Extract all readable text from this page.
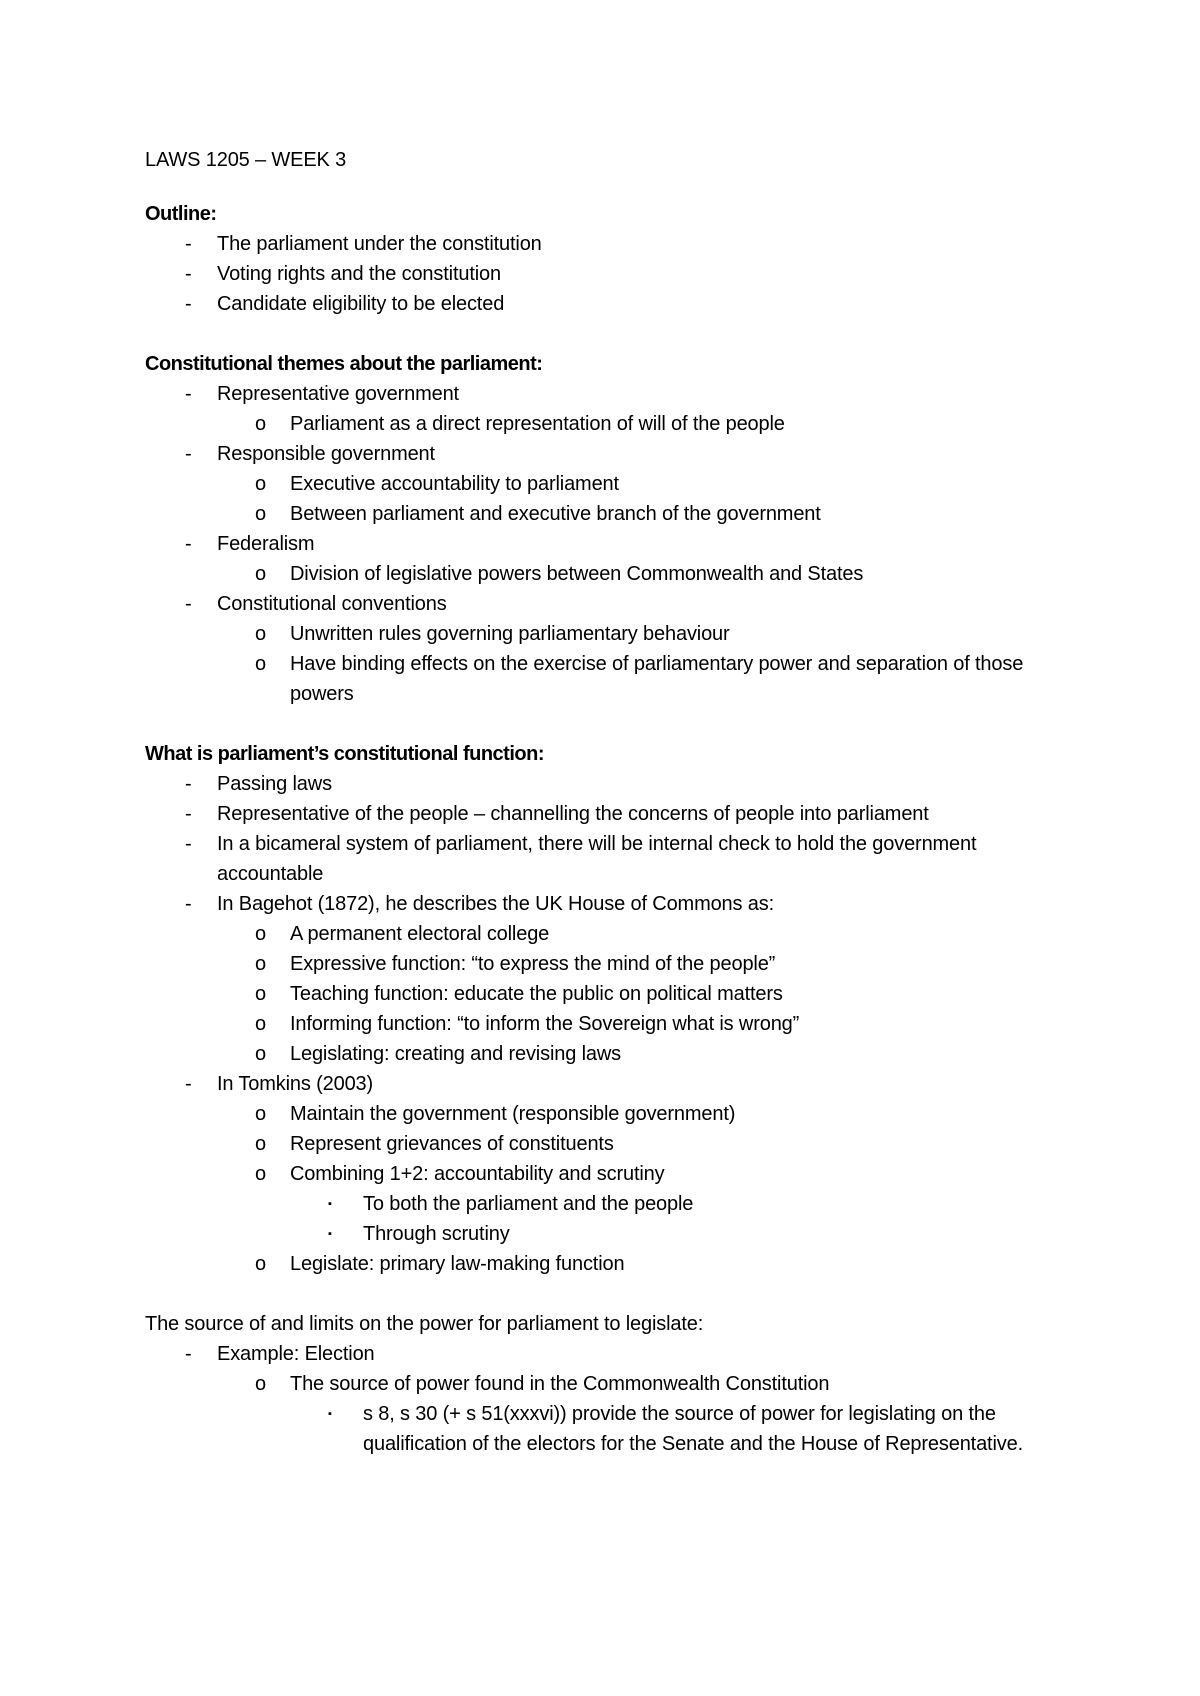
LAWS 1205 – WEEK 3
Outline:
-	The parliament under the constitution
-	Voting rights and the constitution
-	Candidate eligibility to be elected
Constitutional themes about the parliament:
-	Representative government
o	Parliament as a direct representation of will of the people
-	Responsible government
o	Executive accountability to parliament
o	Between parliament and executive branch of the government
-	Federalism
o	Division of legislative powers between Commonwealth and States
-	Constitutional conventions
o	Unwritten rules governing parliamentary behaviour
o	Have binding effects on the exercise of parliamentary power and separation of those powers
What is parliament’s constitutional function:
-	Passing laws
-	Representative of the people – channelling the concerns of people into parliament
-	In a bicameral system of parliament, there will be internal check to hold the government accountable
-	In Bagehot (1872), he describes the UK House of Commons as:
o	A permanent electoral college
o	Expressive function: “to express the mind of the people”
o	Teaching function: educate the public on political matters
o	Informing function: “to inform the Sovereign what is wrong”
o	Legislating: creating and revising laws
-	In Tomkins (2003)
o	Maintain the government (responsible government)
o	Represent grievances of constituents
o	Combining 1+2: accountability and scrutiny
▪	To both the parliament and the people
▪	Through scrutiny
o	Legislate: primary law-making function
The source of and limits on the power for parliament to legislate:
-	Example: Election
o	The source of power found in the Commonwealth Constitution
▪	s 8, s 30 (+ s 51(xxxvi)) provide the source of power for legislating on the qualification of the electors for the Senate and the House of Representative.
